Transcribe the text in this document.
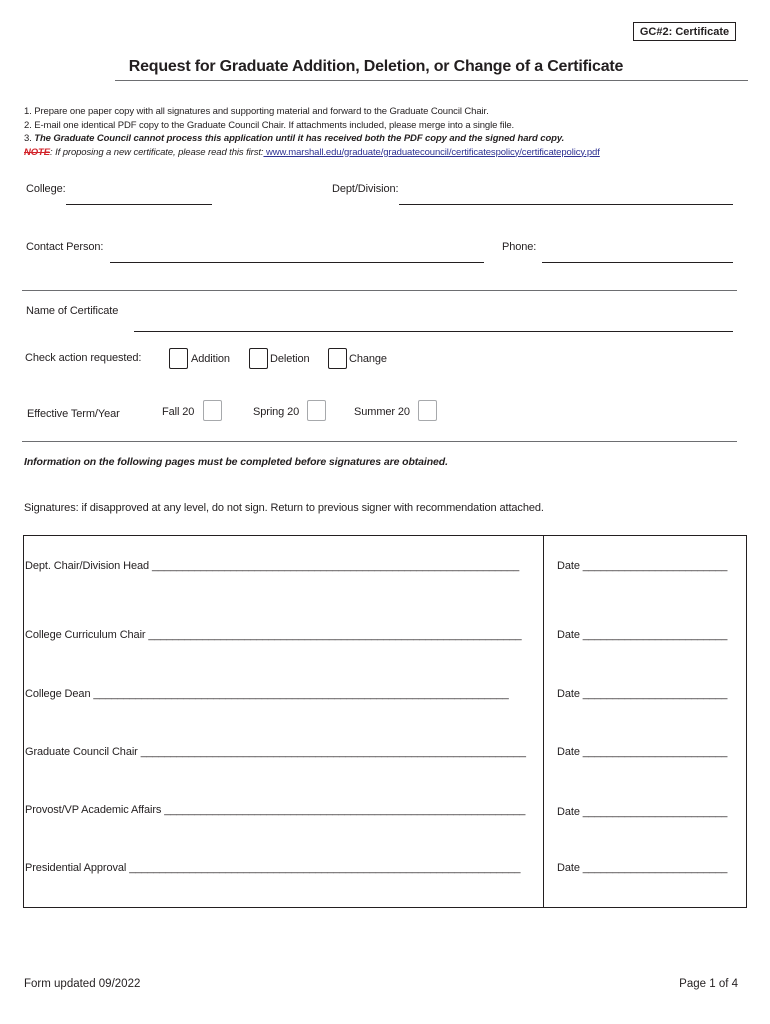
GC#2: Certificate
Request for Graduate Addition, Deletion, or Change of a Certificate
1. Prepare one paper copy with all signatures and supporting material and forward to the Graduate Council Chair.
2. E-mail one identical PDF copy to the Graduate Council Chair. If attachments included, please merge into a single file.
3. The Graduate Council cannot process this application until it has received both the PDF copy and the signed hard copy.
NOTE: If proposing a new certificate, please read this first: www.marshall.edu/graduate/graduatecouncil/certificatespolicy/certificatepolicy.pdf
College:	Dept/Division:
Contact Person:	Phone:
Name of Certificate
Check action requested:	Addition	Deletion	Change
Effective Term/Year	Fall 20	Spring 20	Summer 20
Information on the following pages must be completed before signatures are obtained.
Signatures: if disapproved at any level, do not sign. Return to previous signer with recommendation attached.
Dept. Chair/Division Head _____________________________________________________________	Date ________________________
College Curriculum Chair ______________________________________________________________	Date ________________________
College Dean _____________________________________________________________________	Date ________________________
Graduate Council Chair ________________________________________________________________	Date ________________________
Provost/VP Academic Affairs ____________________________________________________________	Date ________________________
Presidential Approval _________________________________________________________________	Date ________________________
Form updated 09/2022	Page 1 of 4
